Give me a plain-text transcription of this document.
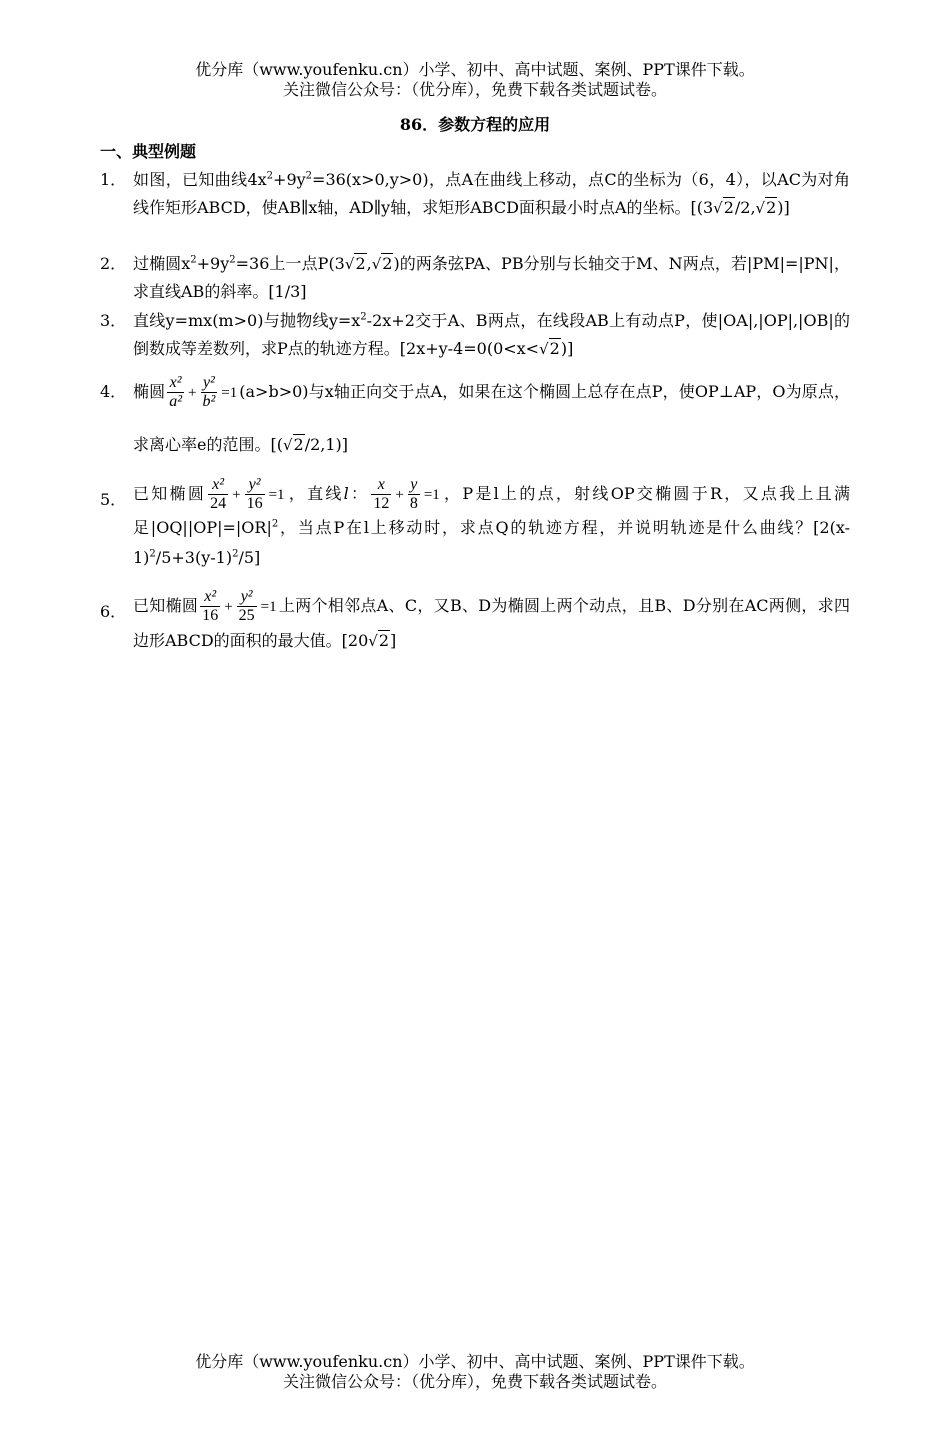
优分库（www.youfenku.cn）小学、初中、高中试题、案例、PPT课件下载。
关注微信公众号：（优分库），免费下载各类试题试卷。
86．参数方程的应用
一、典型例题
1． 如图，已知曲线$4x^2+9y^2=36(x>0,y>0)$，点A在曲线上移动，点C的坐标为（6，4），以AC为对角线作矩形ABCD，使AB∥x轴，AD∥y轴，求矩形ABCD面积最小时点A的坐标。[(3√2/2,√2)]
2． 过椭圆$x^2+9y^2=36$上一点P(3√2,√2)的两条弦PA、PB分别与长轴交于M、N两点，若|PM|=|PN|，求直线AB的斜率。[1/3]
3． 直线y=mx(m>0)与抛物线$y=x^2-2x+2$交于A、B两点，在线段AB上有动点P，使|OA|,|OP|,|OB|的倒数成等差数列，求P点的轨迹方程。[2x+y-4=0(0<x<√2)]
4． 椭圆 $\frac{\text{x²}}{\text{a²}} + \frac{\text{y²}}{\text{b²}} =1$ (a>b>0)与x轴正向交于点A，如果在这个椭圆上总存在点P，使OP⊥AP，O为原点，求离心率e的范围。[(√2/2,1)]
5． 已知椭圆 $\frac{\text{x²}}{24} + \frac{\text{y²}}{16} =1$ ，直线l： $\frac{x}{12} + \frac{y}{8} =1$ ，P是l上的点，射线OP交椭圆于R，又点我上且满足$|OQ||OP|=|OR|^2$，当点P在l上移动时，求点Q的轨迹方程，并说明轨迹是什么曲线？$[2(x-1)^2/5+3(y-1)^2/5]$
6． 已知椭圆 $\frac{\text{x²}}{16} + \frac{\text{y²}}{25} =1$ 上两个相邻点A、C，又B、D为椭圆上两个动点，且B、D分别在AC两侧，求四边形ABCD的面积的最大值。[20√2]
优分库（www.youfenku.cn）小学、初中、高中试题、案例、PPT课件下载。
关注微信公众号：（优分库），免费下载各类试题试卷。
